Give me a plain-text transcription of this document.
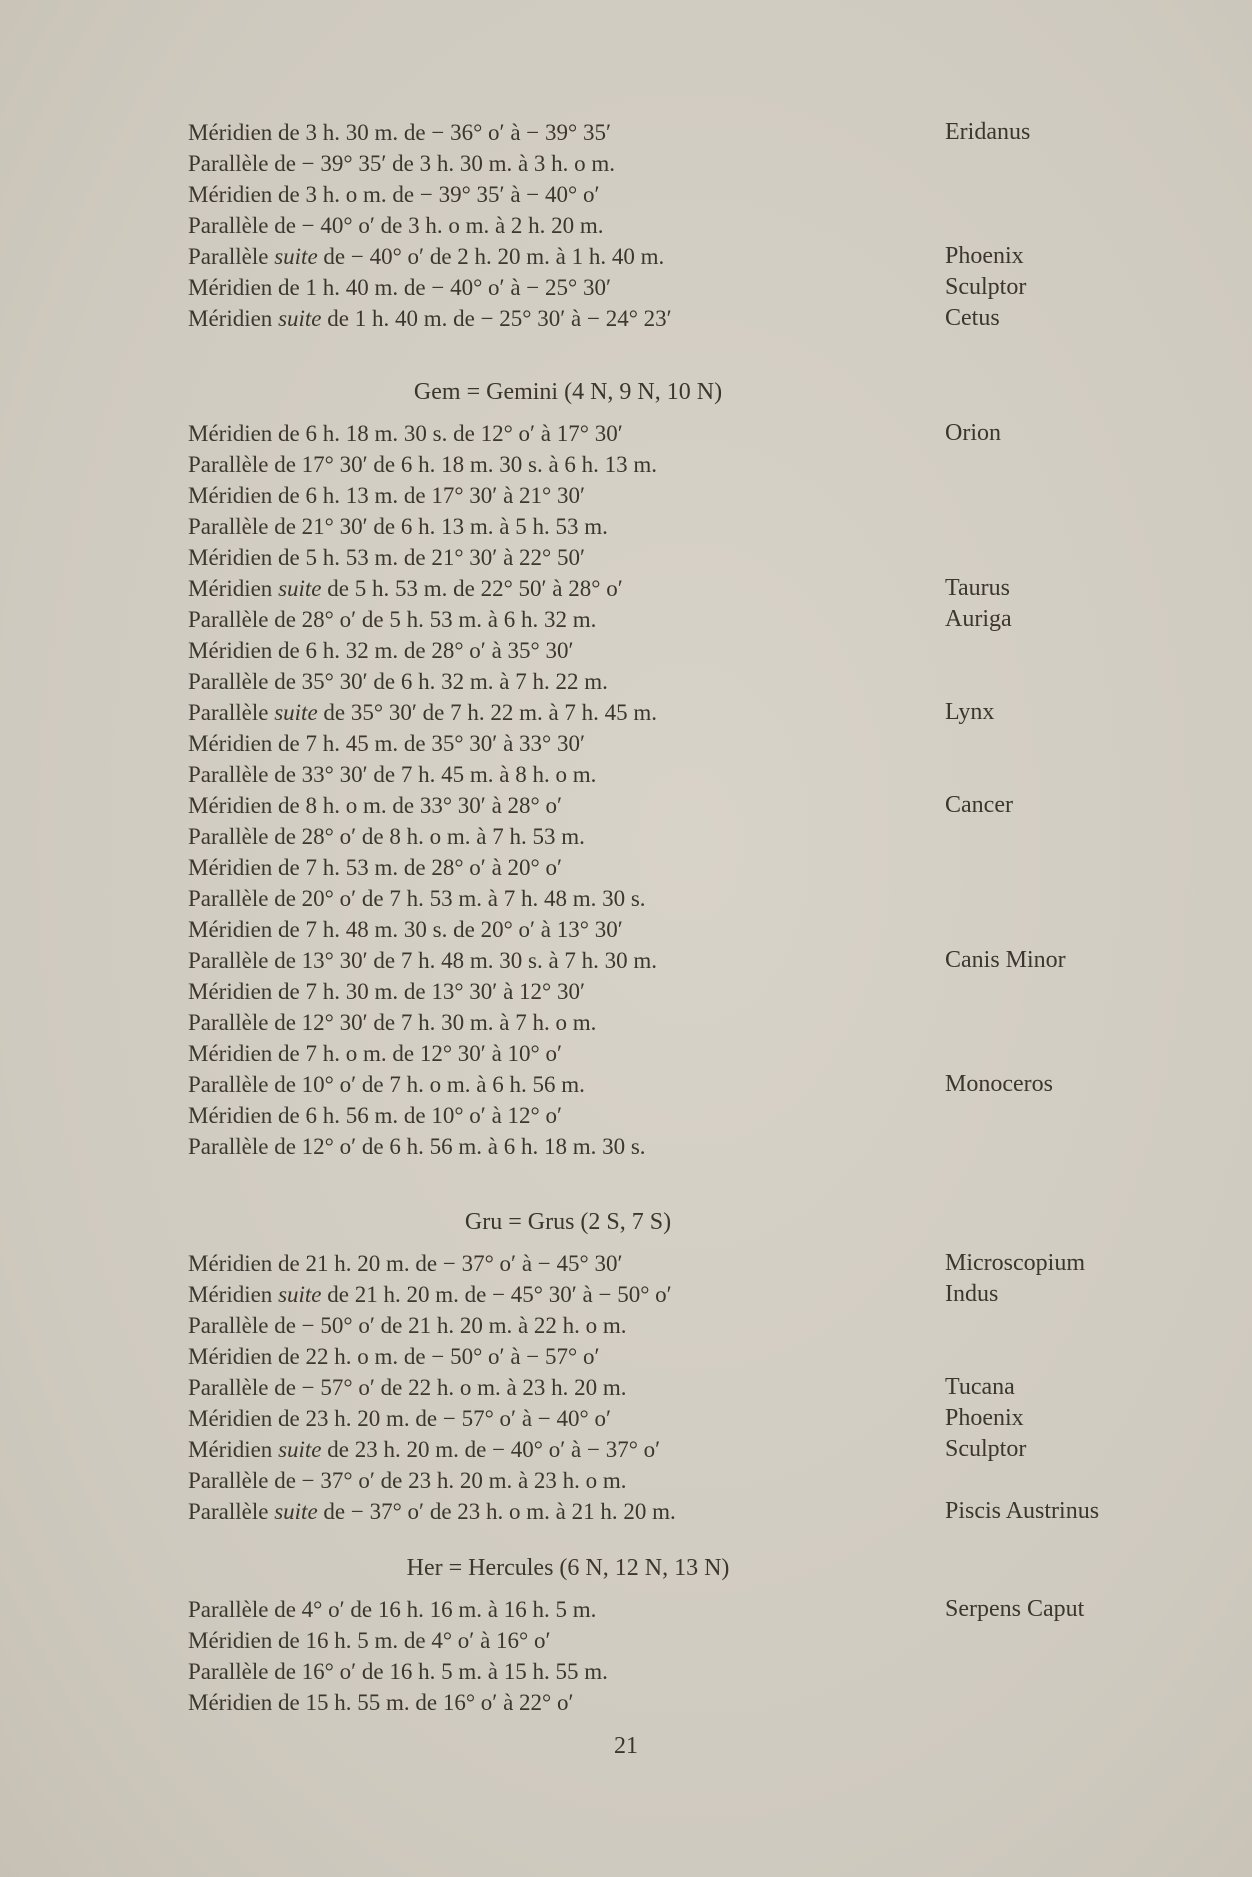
Méridien de 3 h. 30 m. de − 36° o′ à − 39° 35′	Eridanus
Parallèle de − 39° 35′ de 3 h. 30 m. à 3 h. o m.
Méridien de 3 h. o m. de − 39° 35′ à − 40° o′
Parallèle de − 40° o′ de 3 h. o m. à 2 h. 20 m.
Parallèle suite de − 40° o′ de 2 h. 20 m. à 1 h. 40 m.	Phoenix
Méridien de 1 h. 40 m. de − 40° o′ à − 25° 30′	Sculptor
Méridien suite de 1 h. 40 m. de − 25° 30′ à − 24° 23′	Cetus
Gem = Gemini (4 N, 9 N, 10 N)
Méridien de 6 h. 18 m. 30 s. de 12° o′ à 17° 30′	Orion
Parallèle de 17° 30′ de 6 h. 18 m. 30 s. à 6 h. 13 m.
Méridien de 6 h. 13 m. de 17° 30′ à 21° 30′
Parallèle de 21° 30′ de 6 h. 13 m. à 5 h. 53 m.
Méridien de 5 h. 53 m. de 21° 30′ à 22° 50′
Méridien suite de 5 h. 53 m. de 22° 50′ à 28° o′	Taurus
Parallèle de 28° o′ de 5 h. 53 m. à 6 h. 32 m.	Auriga
Méridien de 6 h. 32 m. de 28° o′ à 35° 30′
Parallèle de 35° 30′ de 6 h. 32 m. à 7 h. 22 m.
Parallèle suite de 35° 30′ de 7 h. 22 m. à 7 h. 45 m.	Lynx
Méridien de 7 h. 45 m. de 35° 30′ à 33° 30′
Parallèle de 33° 30′ de 7 h. 45 m. à 8 h. o m.
Méridien de 8 h. o m. de 33° 30′ à 28° o′	Cancer
Parallèle de 28° o′ de 8 h. o m. à 7 h. 53 m.
Méridien de 7 h. 53 m. de 28° o′ à 20° o′
Parallèle de 20° o′ de 7 h. 53 m. à 7 h. 48 m. 30 s.
Méridien de 7 h. 48 m. 30 s. de 20° o′ à 13° 30′
Parallèle de 13° 30′ de 7 h. 48 m. 30 s. à 7 h. 30 m.	Canis Minor
Méridien de 7 h. 30 m. de 13° 30′ à 12° 30′
Parallèle de 12° 30′ de 7 h. 30 m. à 7 h. o m.
Méridien de 7 h. o m. de 12° 30′ à 10° o′
Parallèle de 10° o′ de 7 h. o m. à 6 h. 56 m.	Monoceros
Méridien de 6 h. 56 m. de 10° o′ à 12° o′
Parallèle de 12° o′ de 6 h. 56 m. à 6 h. 18 m. 30 s.
Gru = Grus (2 S, 7 S)
Méridien de 21 h. 20 m. de − 37° o′ à − 45° 30′	Microscopium
Méridien suite de 21 h. 20 m. de − 45° 30′ à − 50° o′	Indus
Parallèle de − 50° o′ de 21 h. 20 m. à 22 h. o m.
Méridien de 22 h. o m. de − 50° o′ à − 57° o′
Parallèle de − 57° o′ de 22 h. o m. à 23 h. 20 m.	Tucana
Méridien de 23 h. 20 m. de − 57° o′ à − 40° o′	Phoenix
Méridien suite de 23 h. 20 m. de − 40° o′ à − 37° o′	Sculptor
Parallèle de − 37° o′ de 23 h. 20 m. à 23 h. o m.
Parallèle suite de − 37° o′ de 23 h. o m. à 21 h. 20 m.	Piscis Austrinus
Her = Hercules (6 N, 12 N, 13 N)
Parallèle de 4° o′ de 16 h. 16 m. à 16 h. 5 m.	Serpens Caput
Méridien de 16 h. 5 m. de 4° o′ à 16° o′
Parallèle de 16° o′ de 16 h. 5 m. à 15 h. 55 m.
Méridien de 15 h. 55 m. de 16° o′ à 22° o′
21
